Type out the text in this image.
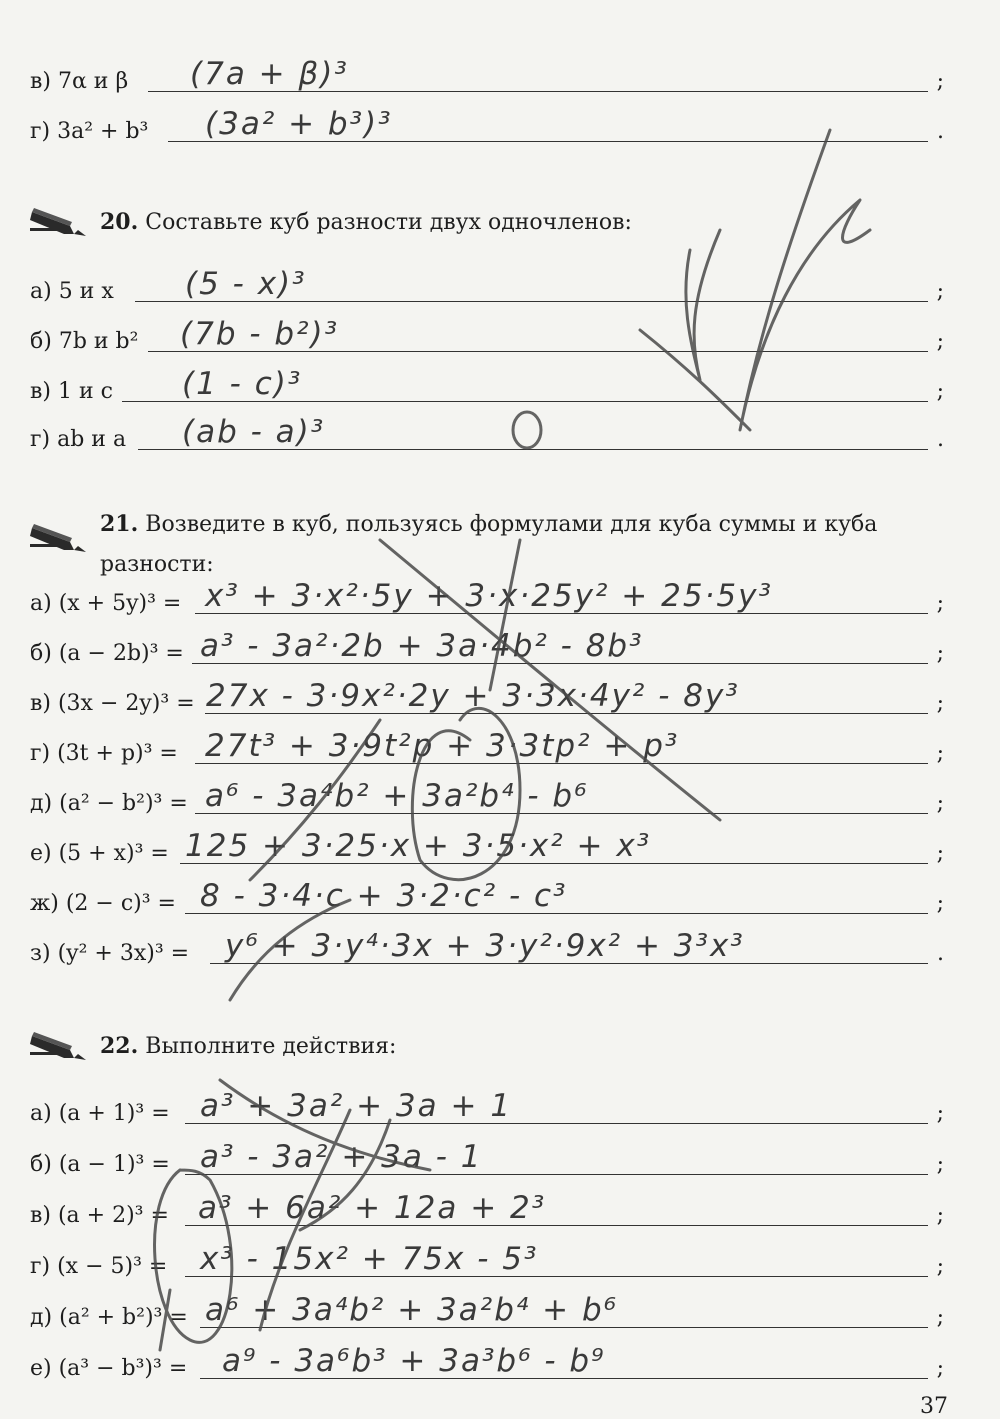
в) 7α и β (7a + β)³	;
г) 3a² + b³ (3a² + b³)³	.
20. Составьте куб разности двух одночленов:
а) 5 и x (5 - x)³	;
б) 7b и b² (7b - b²)³	;
в) 1 и c (1 - c)³	;
г) ab и a (ab - a)³	.
21. Возведите в куб, пользуясь формулами для куба суммы и куба
разности:
а) (x + 5y)³ = x³ + 3·x²·5y + 3·x·25y² + 25·5y³	;
б) (a − 2b)³ = a³ - 3a²·2b + 3a·4b² - 8b³	;
в) (3x − 2y)³ = 27x - 3·9x²·2y + 3·3x·4y² - 8y³	;
г) (3t + p)³ = 27t³ + 3·9t²p + 3·3tp² + p³	;
д) (a² − b²)³ = a⁶ - 3a⁴b² + 3a²b⁴ - b⁶	;
е) (5 + x)³ = 125 + 3·25·x + 3·5·x² + x³	;
ж) (2 − c)³ = 8 - 3·4·c + 3·2·c² - c³	;
з) (y² + 3x)³ = y⁶ + 3·y⁴·3x + 3·y²·9x² + 3³x³	.
22. Выполните действия:
а) (a + 1)³ = a³ + 3a² + 3a + 1	;
б) (a − 1)³ = a³ - 3a² + 3a - 1	;
в) (a + 2)³ = a³ + 6a² + 12a + 2³	;
г) (x − 5)³ = x³ - 15x² + 75x - 5³	;
д) (a² + b²)³ = a⁶ + 3a⁴b² + 3a²b⁴ + b⁶	;
е) (a³ − b³)³ = a⁹ - 3a⁶b³ + 3a³b⁶ - b⁹	;
37
